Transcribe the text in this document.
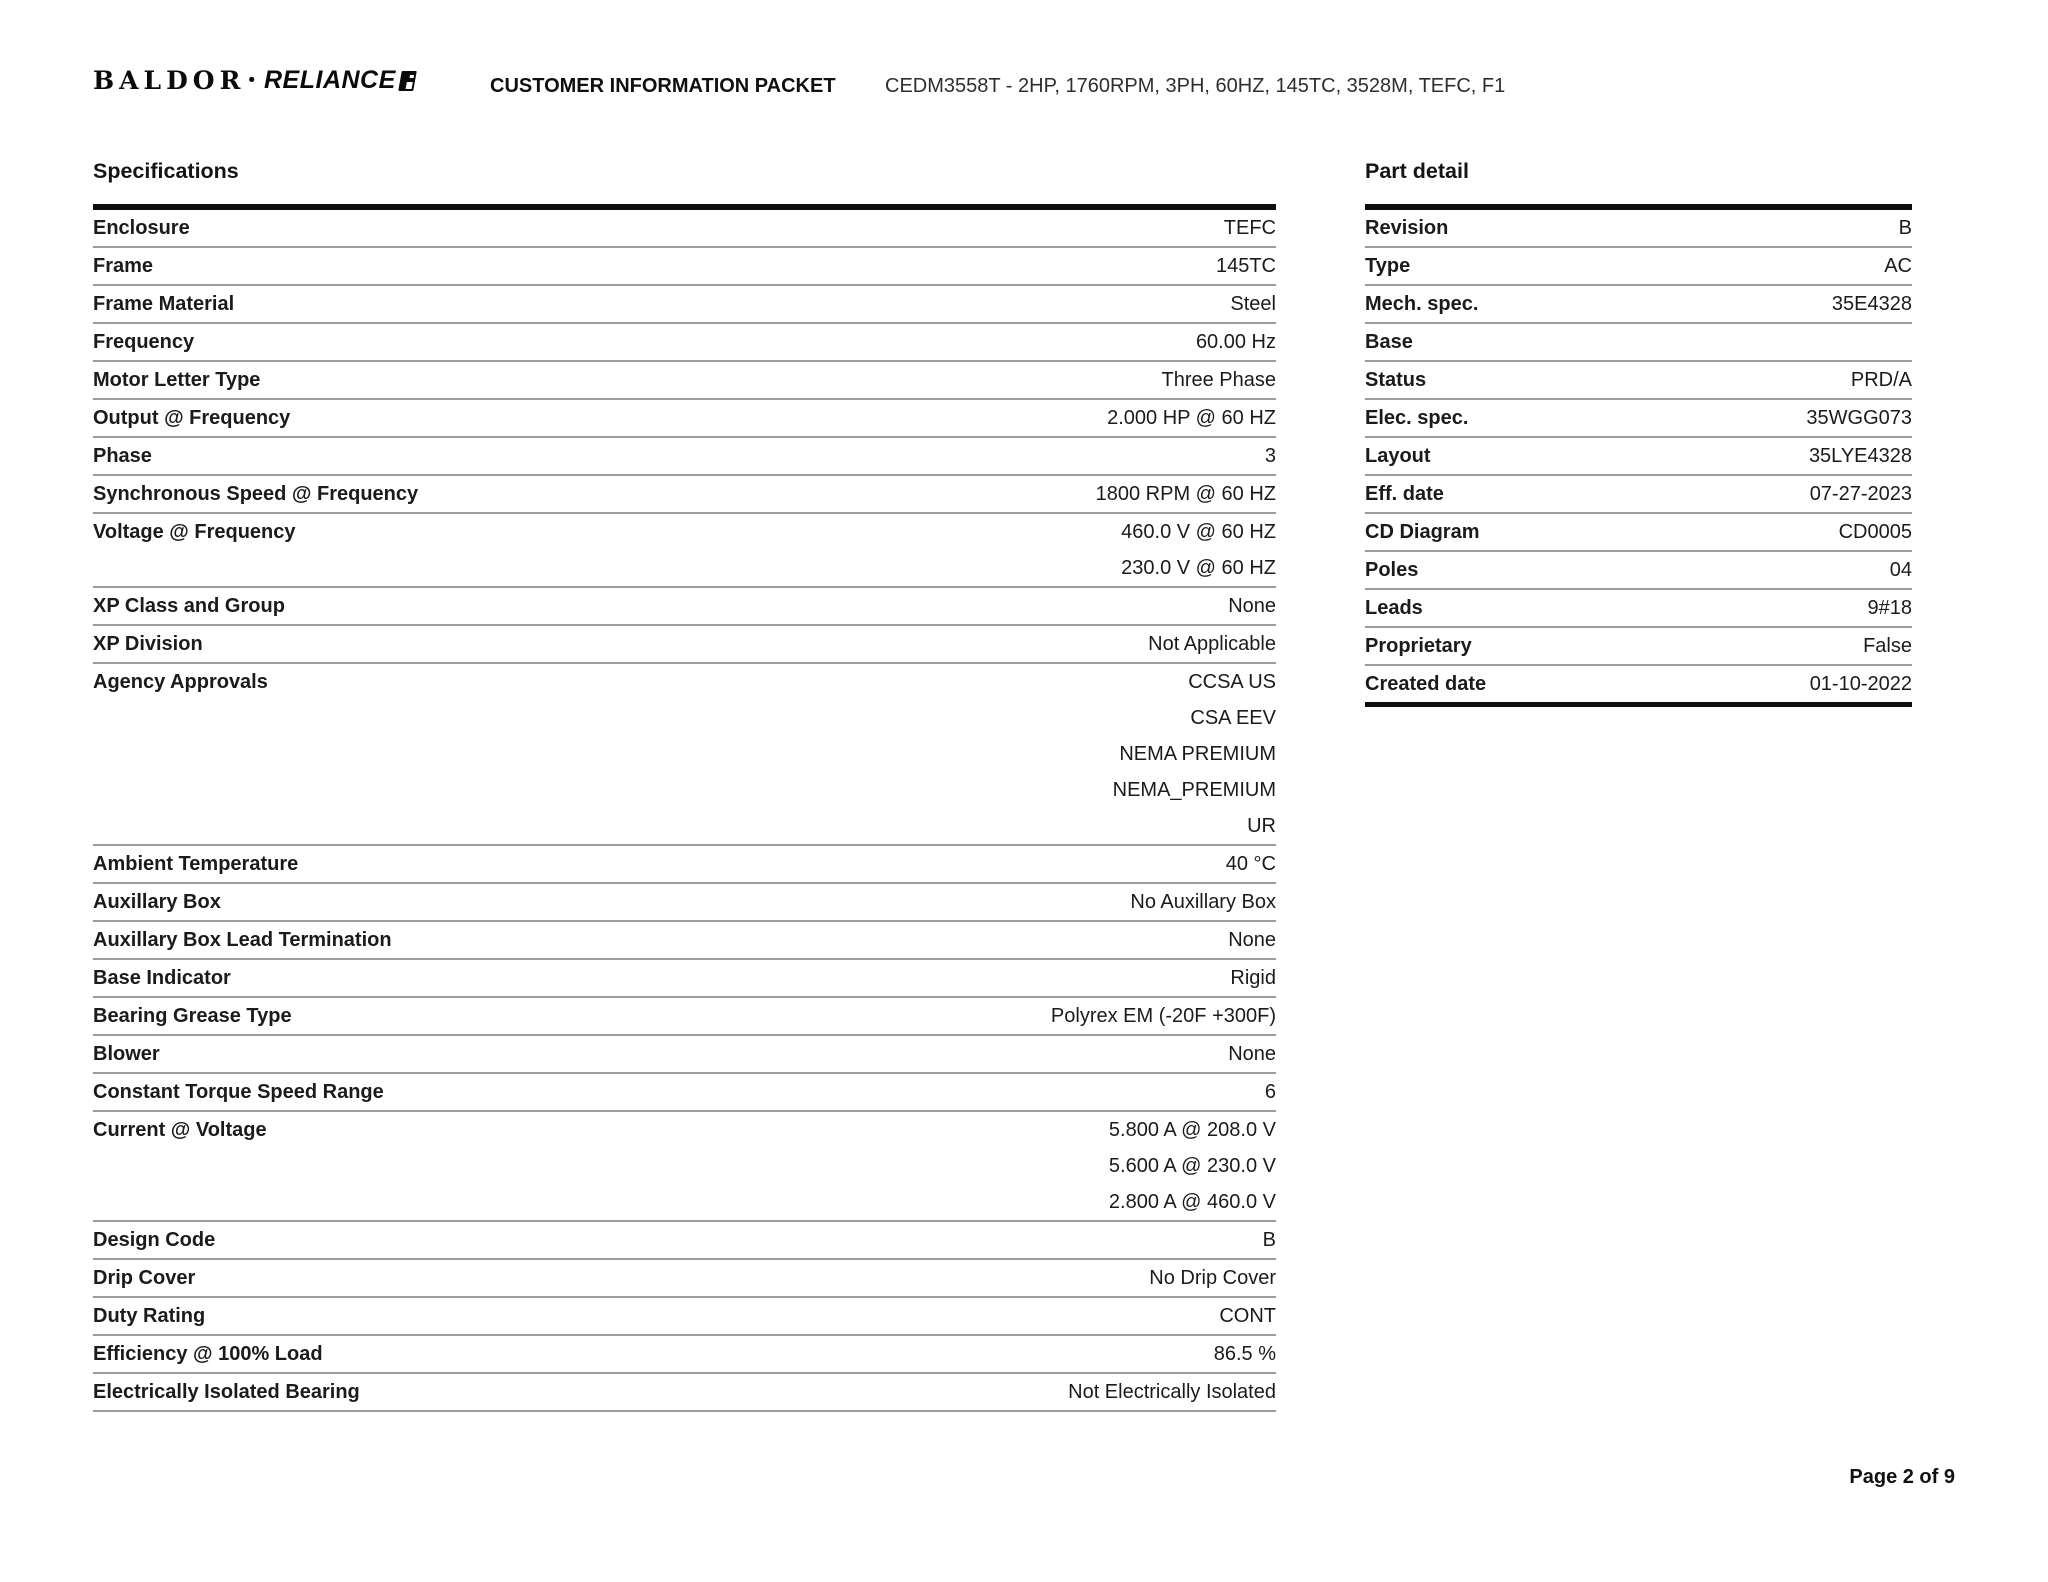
BALDOR • RELIANCE	CUSTOMER INFORMATION PACKET CEDM3558T - 2HP, 1760RPM, 3PH, 60HZ, 145TC, 3528M, TEFC, F1
Specifications
Enclosure	TEFC
Frame	145TC
Frame Material	Steel
Frequency	60.00 Hz
Motor Letter Type	Three Phase
Output @ Frequency	2.000 HP @ 60 HZ
Phase	3
Synchronous Speed @ Frequency	1800 RPM @ 60 HZ
Voltage @ Frequency	460.0 V @ 60 HZ
230.0 V @ 60 HZ
XP Class and Group	None
XP Division	Not Applicable
Agency Approvals	CCSA US
CSA EEV
NEMA PREMIUM
NEMA_PREMIUM
UR
Ambient Temperature	40 °C
Auxillary Box	No Auxillary Box
Auxillary Box Lead Termination	None
Base Indicator	Rigid
Bearing Grease Type	Polyrex EM (-20F +300F)
Blower	None
Constant Torque Speed Range	6
Current @ Voltage	5.800 A @ 208.0 V
5.600 A @ 230.0 V
2.800 A @ 460.0 V
Design Code	B
Drip Cover	No Drip Cover
Duty Rating	CONT
Efficiency @ 100% Load	86.5 %
Electrically Isolated Bearing	Not Electrically Isolated
Part detail
Revision	B
Type	AC
Mech. spec.	35E4328
Base
Status	PRD/A
Elec. spec.	35WGG073
Layout	35LYE4328
Eff. date	07-27-2023
CD Diagram	CD0005
Poles	04
Leads	9#18
Proprietary	False
Created date	01-10-2022
Page 2 of 9
